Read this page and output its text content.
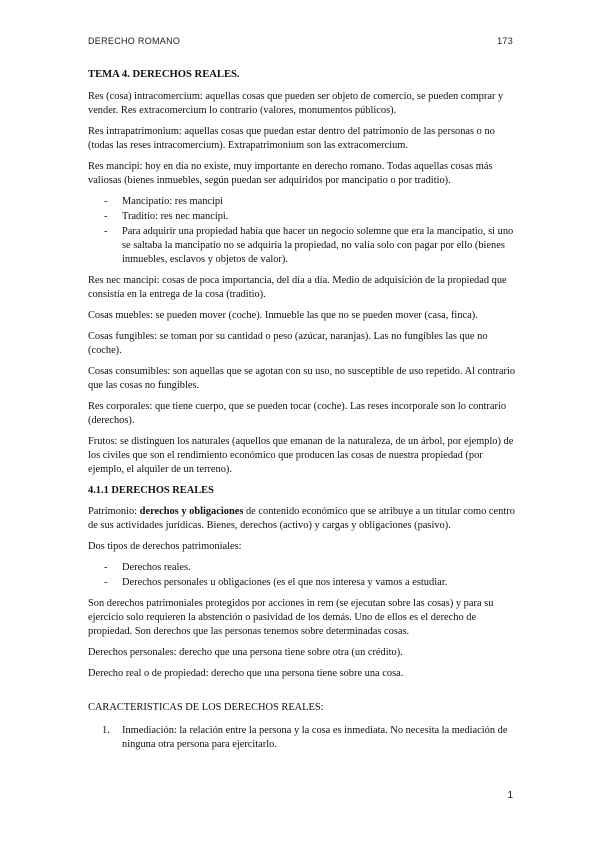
DERECHO ROMANO	173
TEMA 4. DERECHOS REALES.

Res (cosa) intracomercium: aquellas cosas que pueden ser objeto de comercio, se pueden comprar y vender. Res extracomercium lo contrario (valores, monumentos públicos).

Res intrapatrimonium: aquellas cosas que puedan estar dentro del patrimonio de las personas o no (todas las reses intracomercium). Extrapatrimonium son las extracomercium.

Res mancipi: hoy en día no existe, muy importante en derecho romano. Todas aquellas cosas más valiosas (bienes inmuebles, según puedan ser adquiridos por mancipatio o por traditio).

- Mancipatio: res mancipi
- Traditio: res nec mancipi.
- Para adquirir una propiedad había que hacer un negocio solemne que era la mancipatio, si uno se saltaba la mancipatio no se adquiría la propiedad, no valía solo con pagar por ello (bienes inmuebles, esclavos y objetos de valor).

Res nec mancipi: cosas de poca importancia, del día a día. Medio de adquisición de la propiedad que consistía en la entrega de la cosa (traditio).

Cosas muebles: se pueden mover (coche). Inmueble las que no se pueden mover (casa, finca).

Cosas fungibles: se toman por su cantidad o peso (azúcar, naranjas). Las no fungibles las que no (coche).

Cosas consumibles: son aquellas que se agotan con su uso, no susceptible de uso repetido. Al contrario que las cosas no fungibles.

Res corporales: que tiene cuerpo, que se pueden tocar (coche). Las reses incorporale son lo contrario (derechos).

Frutos: se distinguen los naturales (aquellos que emanan de la naturaleza, de un árbol, por ejemplo) de los civiles que son el rendimiento económico que producen las cosas de nuestra propiedad (por ejemplo, el alquiler de un terreno).

4.1.1 DERECHOS REALES

Patrimonio: derechos y obligaciones de contenido económico que se atribuye a un titular como centro de sus actividades jurídicas. Bienes, derechos (activo) y cargas y obligaciones (pasivo).

Dos tipos de derechos patrimoniales:

- Derechos reales.
- Derechos personales u obligaciones (es el que nos interesa y vamos a estudiar.

Son derechos patrimoniales protegidos por acciones in rem (se ejecutan sobre las cosas) y para su ejercicio solo requieren la abstención o pasividad de los demás. Uno de ellos es el derecho de propiedad. Son derechos que las personas tenemos sobre determinadas cosas.

Derechos personales: derecho que una persona tiene sobre otra (un crédito).

Derecho real o de propiedad: derecho que una persona tiene sobre una cosa.

CARACTERISTICAS DE LOS DERECHOS REALES:

1. Inmediación: la relación entre la persona y la cosa es inmediata. No necesita la mediación de ninguna otra persona para ejercitarlo.
1
